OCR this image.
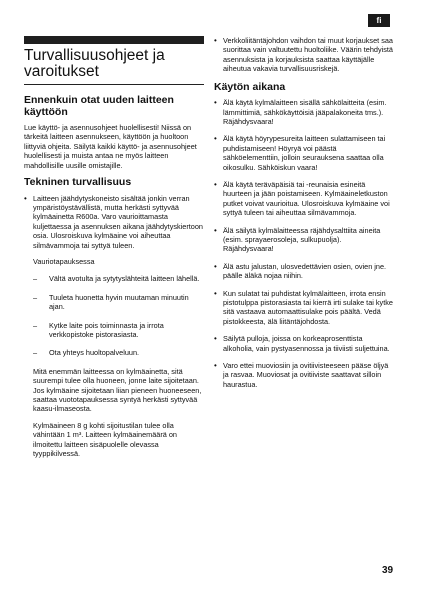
fi
Turvallisuusohjeet ja varoitukset
Ennenkuin otat uuden laitteen käyttöön

Lue käyttö- ja asennusohjeet huolellisesti! Niissä on tärkeitä laitteen asennukseen, käyttöön ja huoltoon liittyviä ohjeita. Säilytä kaikki käyttö- ja asennusohjeet huolellisesti ja muista antaa ne myös laitteen mahdollisille uusille omistajille.

Tekninen turvallisuus
• Laitteen jäähdytyskoneisto sisältää jonkin verran ympäristöystävällistä, mutta herkästi syttyvää kylmäainetta R600a. Varo vaurioittamasta kuljettaessa ja asennuksen aikana jäähdytyskiertoon osia. Ulosroiskuva kylmäaine voi aiheuttaa silmävammoja tai syttyä tuleen.

Vauriotapauksessa

– Vältä avotulta ja sytytyslähteitä laitteen lähellä.
– Tuuleta huonetta hyvin muutaman minuutin ajan.
– Kytke laite pois toiminnasta ja irrota verkkopistoke pistorasiasta.
– Ota yhteys huoltopalveluun.

Mitä enemmän laitteessa on kylmäainetta, sitä suurempi tulee olla huoneen, jonne laite sijoitetaan. Jos kylmäaine sijoitetaan liian pieneen huoneeseen, saattaa vuototapauksessa syntyä herkästi syttyvää kaasu-ilmaseosta.

Kylmäaineen 8 g kohti sijoitustilan tulee olla vähintään 1 m³. Laitteen kylmäainemäärä on ilmoitettu laitteen sisäpuolelle olevassa tyyppikilvessä.

• Verkkoliitäntäjohdon vaihdon tai muut korjaukset saa suorittaa vain valtuutettu huoltoliike. Väärin tehdyistä asennuksista ja korjauksista saattaa käyttäjälle aiheutua vakavia turvallisuusriskejä.
Käytön aikana
• Älä käytä kylmälaitteen sisällä sähkölaitteita (esim. lämmittimiä, sähkökäyttöisiä jääpalakoneita tms.). Räjähdysvaara!
• Älä käytä höyrypesureita laitteen sulattamiseen tai puhdistamiseen! Höyryä voi päästä sähköelementtiin, jolloin seurauksena saattaa olla oikosulku. Sähköiskun vaara!
• Älä käytä teräväpäisiä tai -reunaisia esineitä huurteen ja jään poistamiseen. Kylmäaineletkuston putket voivat vaurioitua. Ulosroiskuva kylmäaine voi syttyä tuleen tai aiheuttaa silmävammoja.
• Älä säilytä kylmälaitteessa räjähdysalttiita aineita (esim. sprayaerosoleja, sulkupuolja). Räjähdysvaara!
• Älä astu jalustan, ulosvedettävien osien, ovien jne. päälle äläkä nojaa niihin.
• Kun sulatat tai puhdistat kylmälaitteen, irrota ensin pistotulppa pistorasiasta tai kierrä irti sulake tai kytke sitä vastaava automaattisulake pois päältä. Vedä pistokkeesta, älä liitäntäjohdosta.
• Säilytä pulloja, joissa on korkeaprosenttista alkoholia, vain pystyasennossa ja tiiviisti suljettuina.
• Varo ettei muoviosiin ja ovitiivisteeseen pääse öljyä ja rasvaa. Muoviosat ja ovitiiviste saattavat silloin haurastua.
39
